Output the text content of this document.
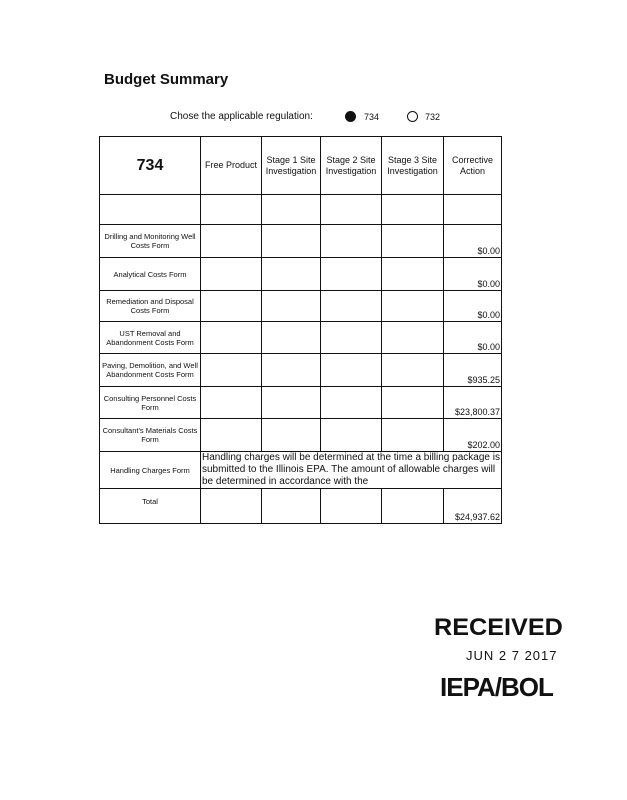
Budget Summary
Chose the applicable regulation:	734	732
734	Free Product	Stage 1 Site Investigation	Stage 2 Site Investigation	Stage 3 Site Investigation	Corrective Action

Drilling and Monitoring Well Costs Form					$0.00
Analytical Costs Form					$0.00
Remediation and Disposal Costs Form					$0.00
UST Removal and Abandonment Costs Form					$0.00
Paving, Demolition, and Well Abandonment Costs Form					$935.25
Consulting Personnel Costs Form					$23,800.37
Consultant's Materials Costs Form					$202.00
Handling Charges Form	Handling charges will be determined at the time a billing package is submitted to the Illinois EPA. The amount of allowable charges will be determined in accordance with the				
Total					$24,937.62
RECEIVED
JUN 2 7 2017
IEPA/BOL
